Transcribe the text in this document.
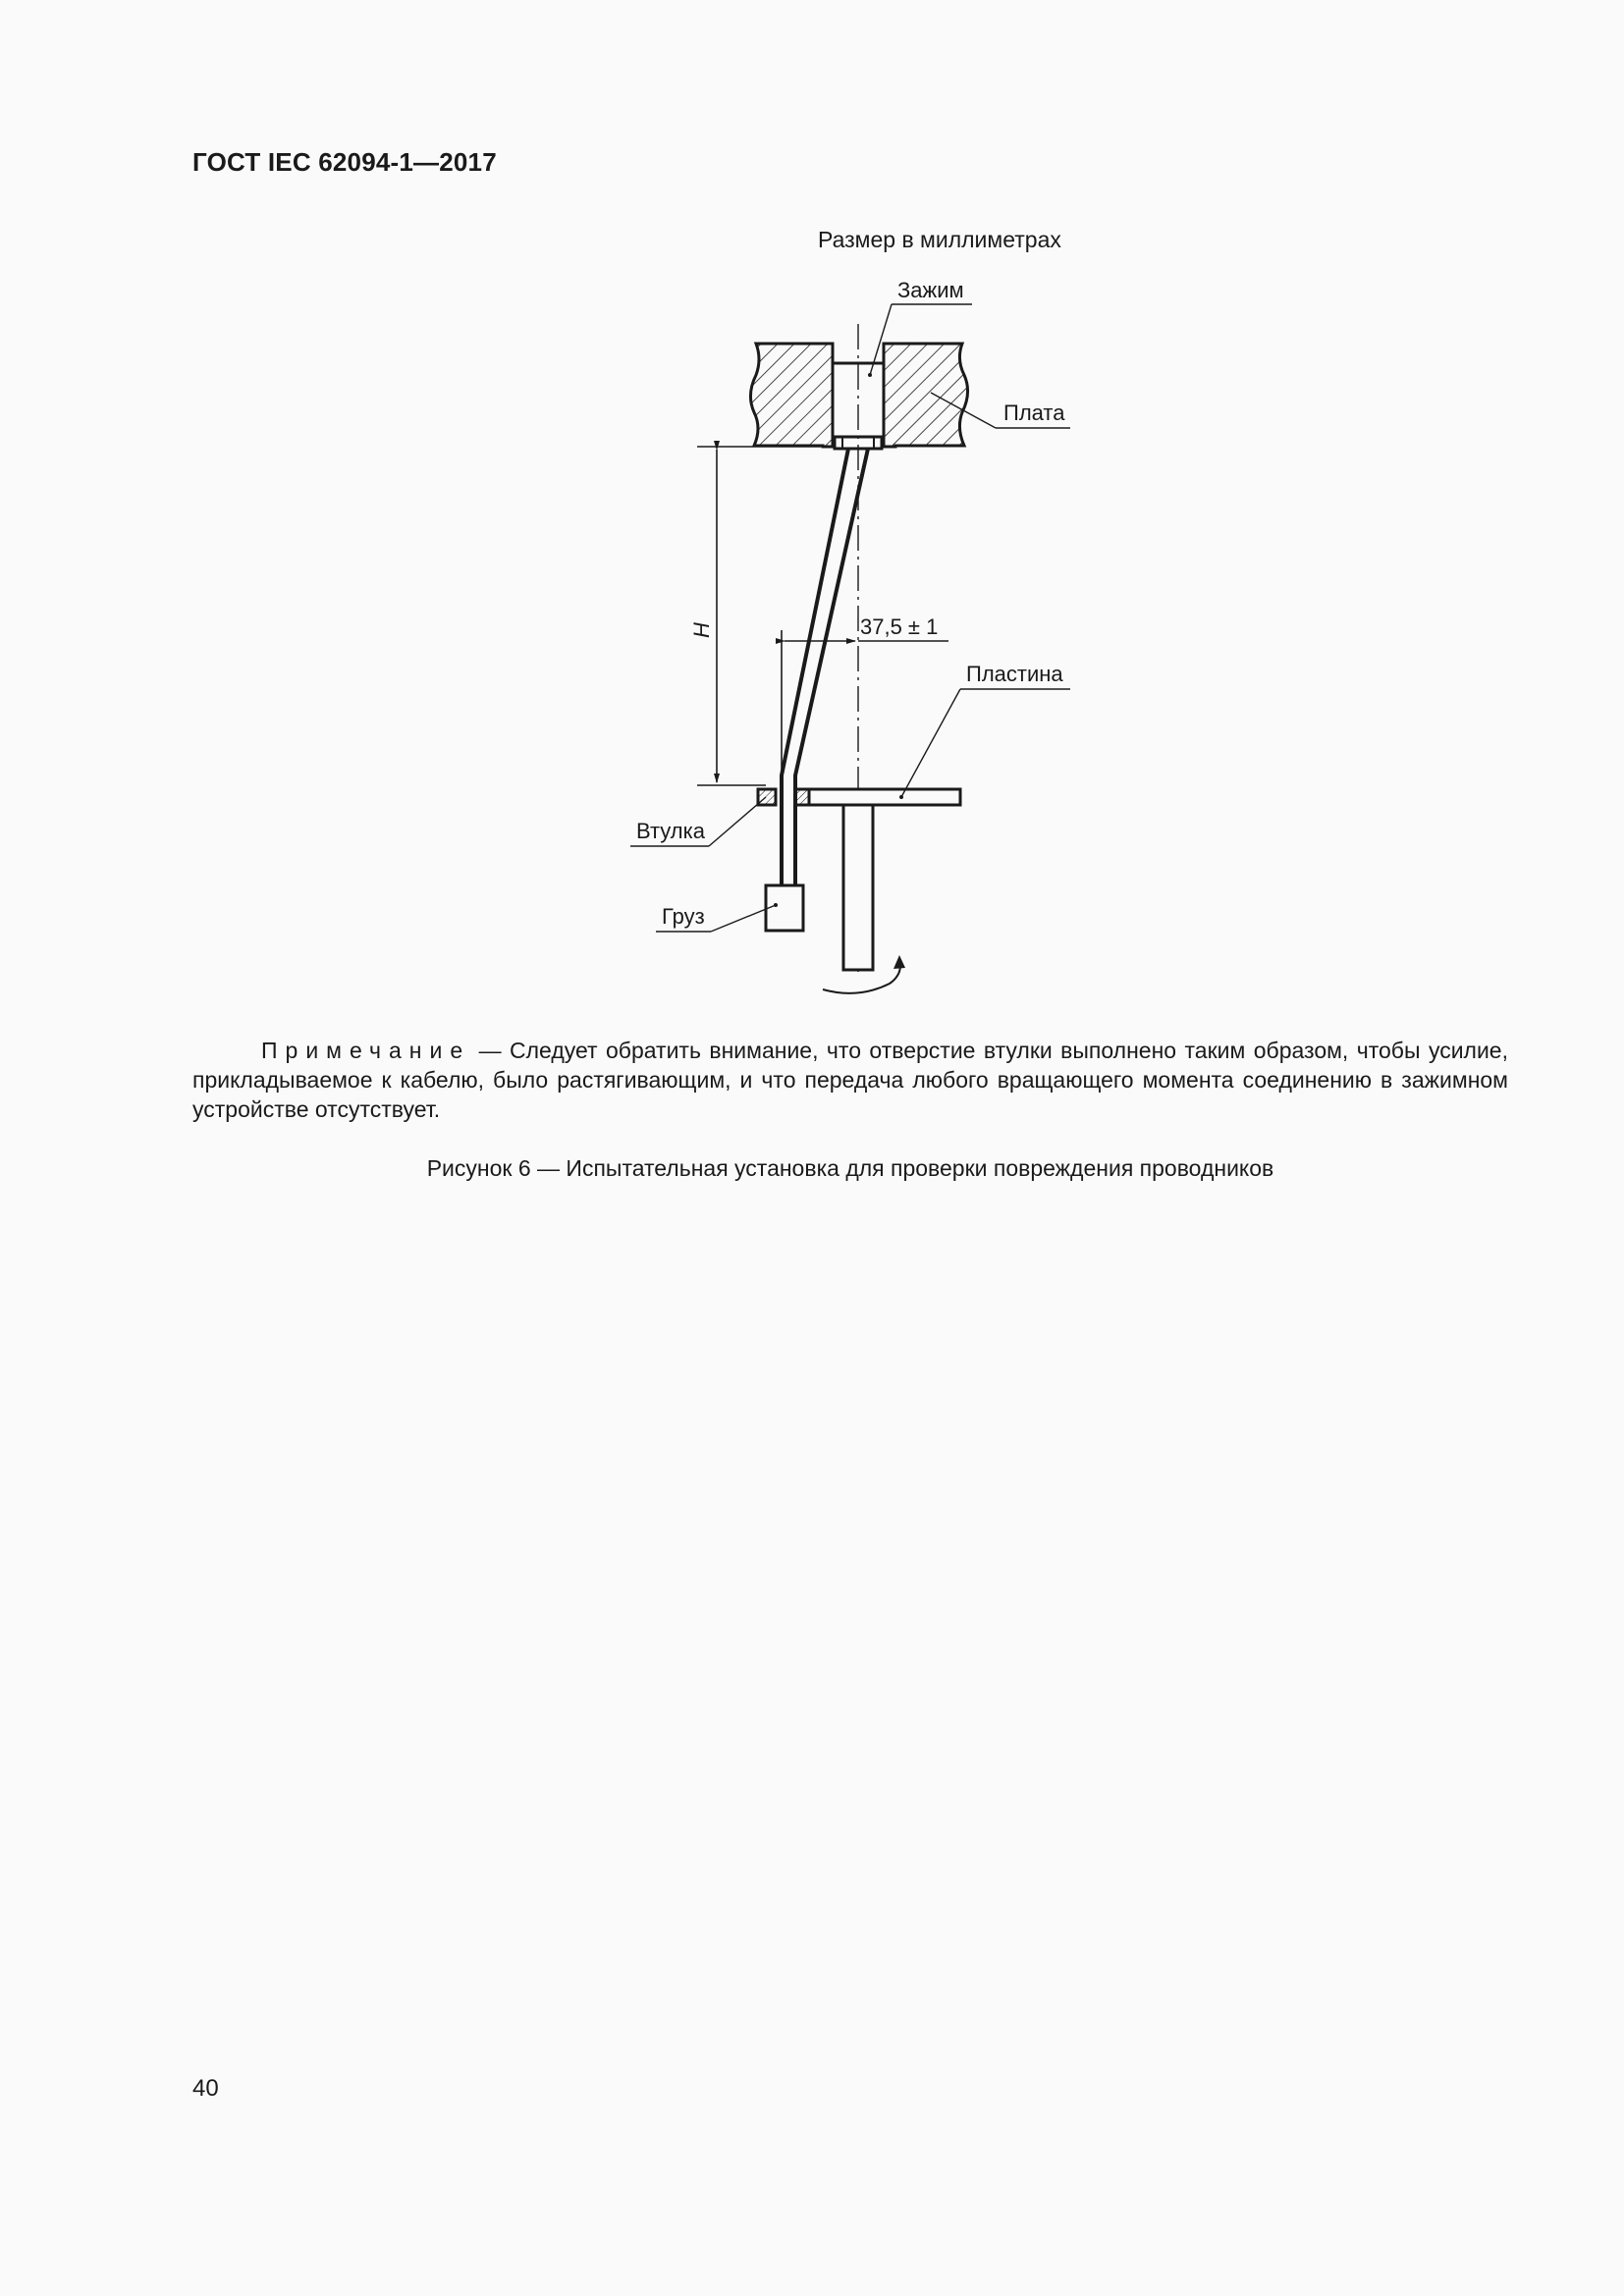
ГОСТ IEC 62094-1—2017
Размер в миллиметрах
H	37,5 ± 1
Зажим
Плата
Пластина
Втулка
Груз
Примечание — Следует обратить внимание, что отверстие втулки выполнено таким образом, чтобы усилие, прикладываемое к кабелю, было растягивающим, и что передача любого вращающего момента соединению в зажимном устройстве отсутствует.
Рисунок 6 — Испытательная установка для проверки повреждения проводников
40
